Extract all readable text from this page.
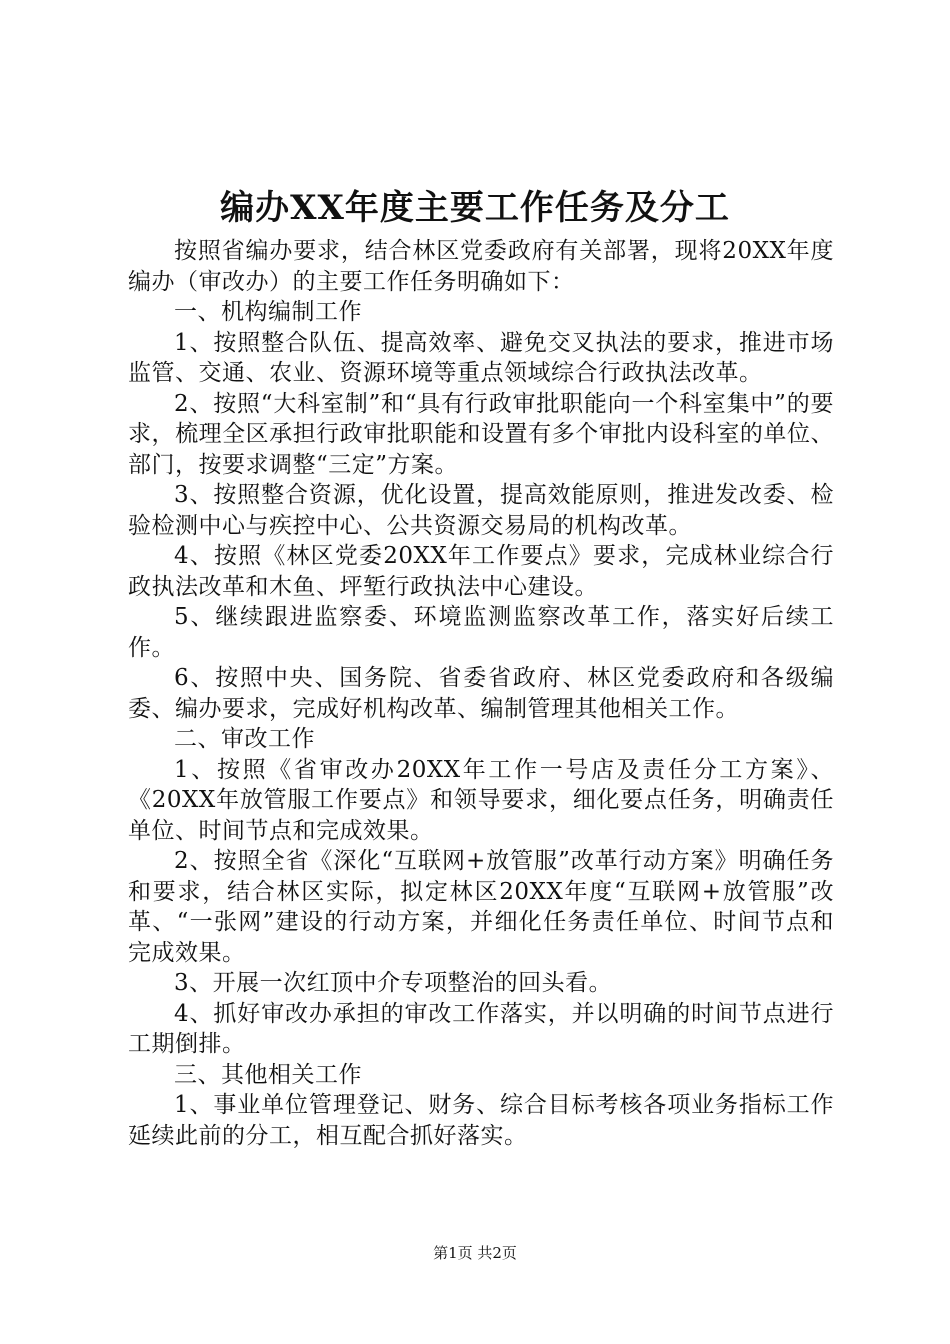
编办XX年度主要工作任务及分工

按照省编办要求，结合林区党委政府有关部署，现将20XX年度编办（审改办）的主要工作任务明确如下：

一、机构编制工作

1、按照整合队伍、提高效率、避免交叉执法的要求，推进市场监管、交通、农业、资源环境等重点领域综合行政执法改革。

2、按照“大科室制”和“具有行政审批职能向一个科室集中”的要求，梳理全区承担行政审批职能和设置有多个审批内设科室的单位、部门，按要求调整“三定”方案。

3、按照整合资源，优化设置，提高效能原则，推进发改委、检验检测中心与疾控中心、公共资源交易局的机构改革。

4、按照《林区党委20XX年工作要点》要求，完成林业综合行政执法改革和木鱼、坪堑行政执法中心建设。

5、继续跟进监察委、环境监测监察改革工作，落实好后续工作。

6、按照中央、国务院、省委省政府、林区党委政府和各级编委、编办要求，完成好机构改革、编制管理其他相关工作。

二、审改工作

1、按照《省审改办20XX年工作一号店及责任分工方案》、《20XX年放管服工作要点》和领导要求，细化要点任务，明确责任单位、时间节点和完成效果。

2、按照全省《深化“互联网+放管服”改革行动方案》明确任务和要求，结合林区实际，拟定林区20XX年度“互联网+放管服”改革、“一张网”建设的行动方案，并细化任务责任单位、时间节点和完成效果。

3、开展一次红顶中介专项整治的回头看。

4、抓好审改办承担的审改工作落实，并以明确的时间节点进行工期倒排。

三、其他相关工作

1、事业单位管理登记、财务、综合目标考核各项业务指标工作延续此前的分工，相互配合抓好落实。

第1页 共2页
